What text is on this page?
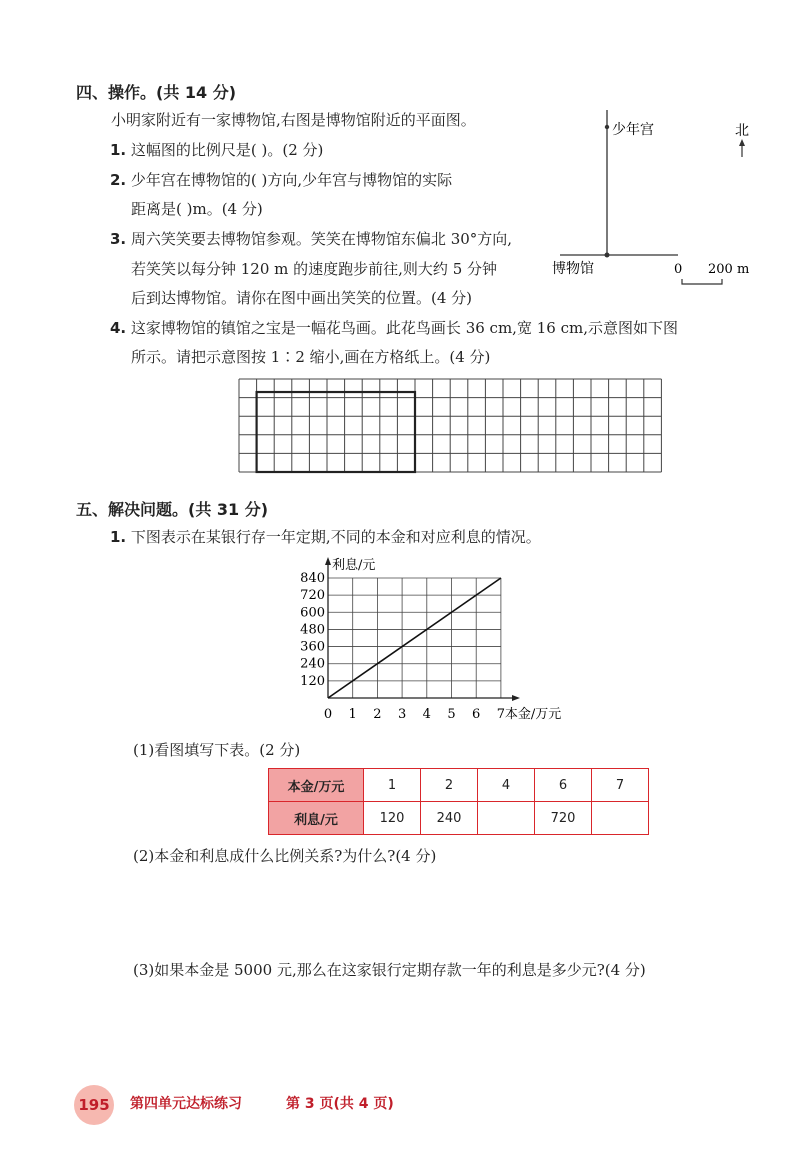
四、操作。(共 14 分)
小明家附近有一家博物馆,右图是博物馆附近的平面图。
1. 这幅图的比例尺是( )。(2 分)
2. 少年宫在博物馆的( )方向,少年宫与博物馆的实际
距离是( )m。(4 分)
3. 周六笑笑要去博物馆参观。笑笑在博物馆东偏北 30°方向,
若笑笑以每分钟 120 m 的速度跑步前往,则大约 5 分钟
后到达博物馆。请你在图中画出笑笑的位置。(4 分)
4. 这家博物馆的镇馆之宝是一幅花鸟画。此花鸟画长 36 cm,宽 16 cm,示意图如下图
所示。请把示意图按 1∶2 缩小,画在方格纸上。(4 分)
少年宫	北
博物馆	0 200 m
五、解决问题。(共 31 分)
1. 下图表示在某银行存一年定期,不同的本金和对应利息的情况。
120
240
360
480
600
720
840
0 1 2 3 4 5 6 7
利息/元
本金/万元
(1)看图填写下表。(2 分)
本金/万元	1	2	4	6	7
利息/元	120	240		720	
(2)本金和利息成什么比例关系?为什么?(4 分)
(3)如果本金是 5000 元,那么在这家银行定期存款一年的利息是多少元?(4 分)
195	第四单元达标练习	第 3 页(共 4 页)
